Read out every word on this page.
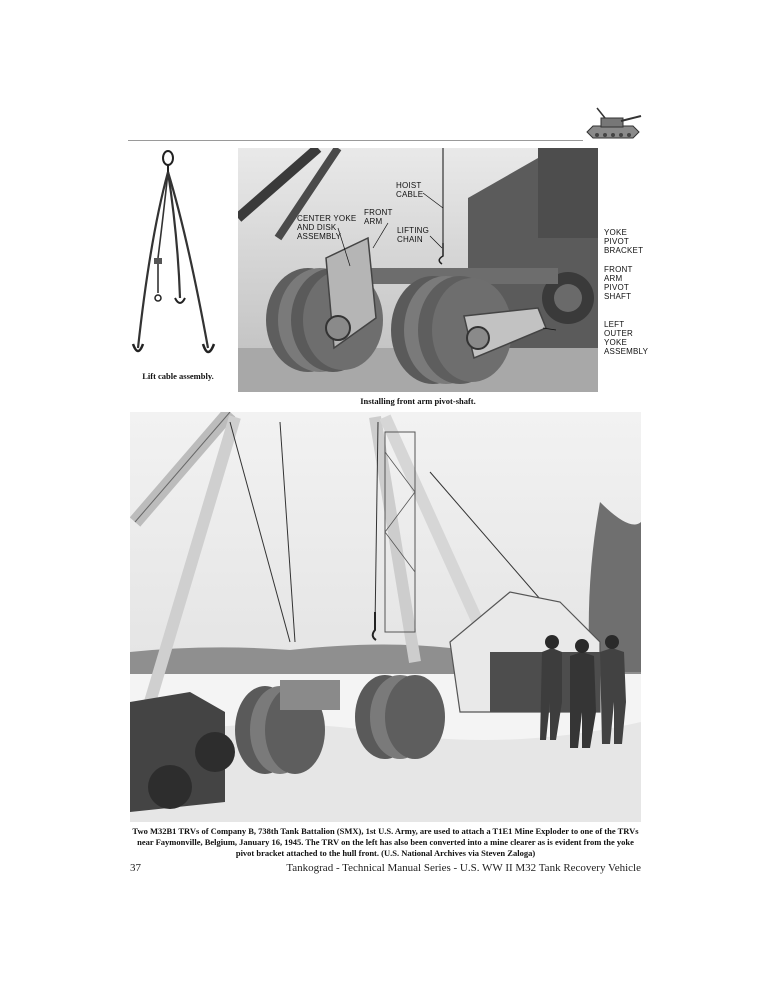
Lift cable assembly.
HOIST
CABLE
FRONT
ARM
CENTER YOKE
AND DISK
ASSEMBLY
LIFTING
CHAIN
YOKE
PIVOT
BRACKET
FRONT
ARM
PIVOT
SHAFT
LEFT
OUTER
YOKE
ASSEMBLY
Installing front arm pivot-shaft.
Two M32B1 TRVs of Company B, 738th Tank Battalion (SMX), 1st U.S. Army, are used to attach a T1E1 Mine Exploder to one of the TRVs near Faymonville, Belgium, January 16, 1945. The TRV on the left has also been converted into a mine clearer as is evident from the yoke pivot bracket attached to the hull front. (U.S. National Archives via Steven Zaloga)
37	Tankograd - Technical Manual Series - U.S. WW II M32 Tank Recovery Vehicle
